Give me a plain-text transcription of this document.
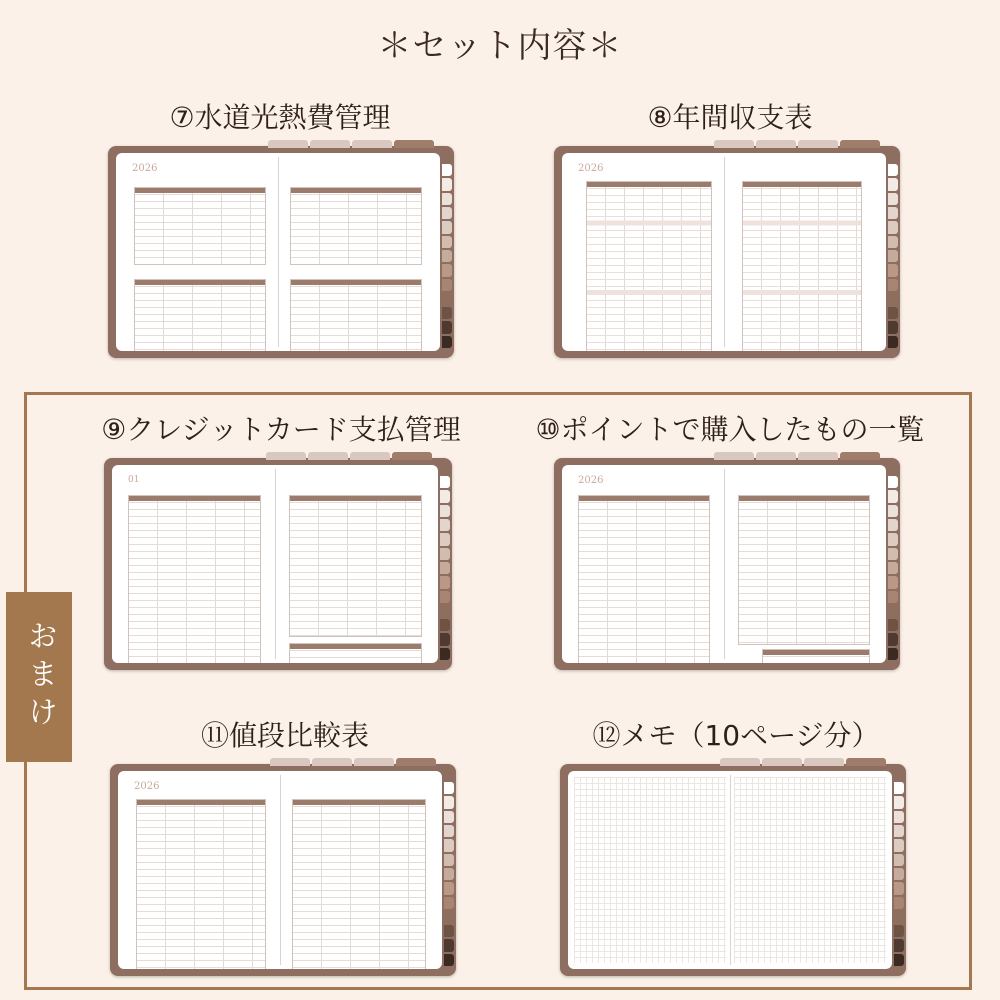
＊セット内容＊
⑦水道光熱費管理
2026
⑧年間収支表
2026
おまけ
⑨クレジットカード支払管理
01
⑩ポイントで購入したもの一覧
2026
⑪値段比較表
2026
⑫メモ（10ページ分）
